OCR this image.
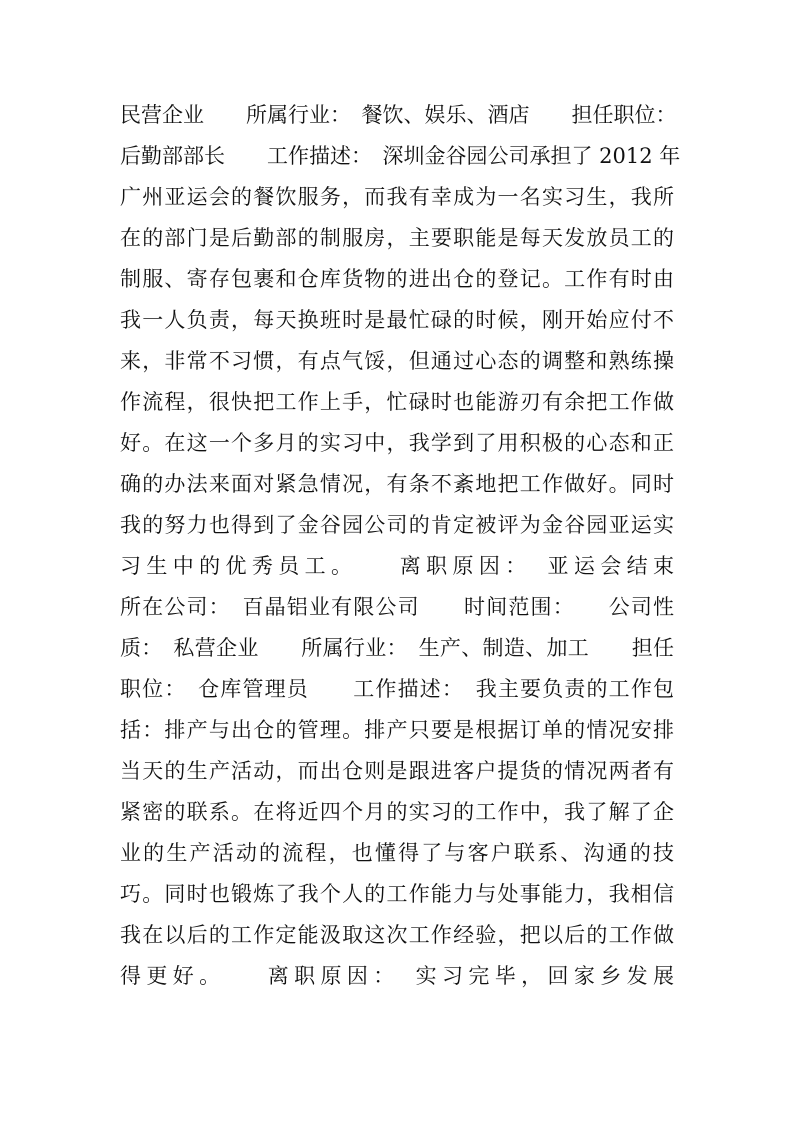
民营企业　　所属行业：　餐饮、娱乐、酒店　　担任职位：
后勤部部长　　工作描述：　深圳金谷园公司承担了 2012 年
广州亚运会的餐饮服务，而我有幸成为一名实习生，我所
在的部门是后勤部的制服房，主要职能是每天发放员工的
制服、寄存包裹和仓库货物的进出仓的登记。工作有时由
我一人负责，每天换班时是最忙碌的时候，刚开始应付不
来，非常不习惯，有点气馁，但通过心态的调整和熟练操
作流程，很快把工作上手，忙碌时也能游刃有余把工作做
好。在这一个多月的实习中，我学到了用积极的心态和正
确的办法来面对紧急情况，有条不紊地把工作做好。同时
我的努力也得到了金谷园公司的肯定被评为金谷园亚运实
习生中的优秀员工。　　离职原因：　亚运会结束
所在公司：　百晶铝业有限公司　　时间范围：　　公司性
质：　私营企业　　所属行业：　生产、制造、加工　　担任
职位：　仓库管理员　　工作描述：　我主要负责的工作包
括：排产与出仓的管理。排产只要是根据订单的情况安排
当天的生产活动，而出仓则是跟进客户提货的情况两者有
紧密的联系。在将近四个月的实习的工作中，我了解了企
业的生产活动的流程，也懂得了与客户联系、沟通的技
巧。同时也锻炼了我个人的工作能力与处事能力，我相信
我在以后的工作定能汲取这次工作经验，把以后的工作做
得更好。　　离职原因：　实习完毕，回家乡发展
